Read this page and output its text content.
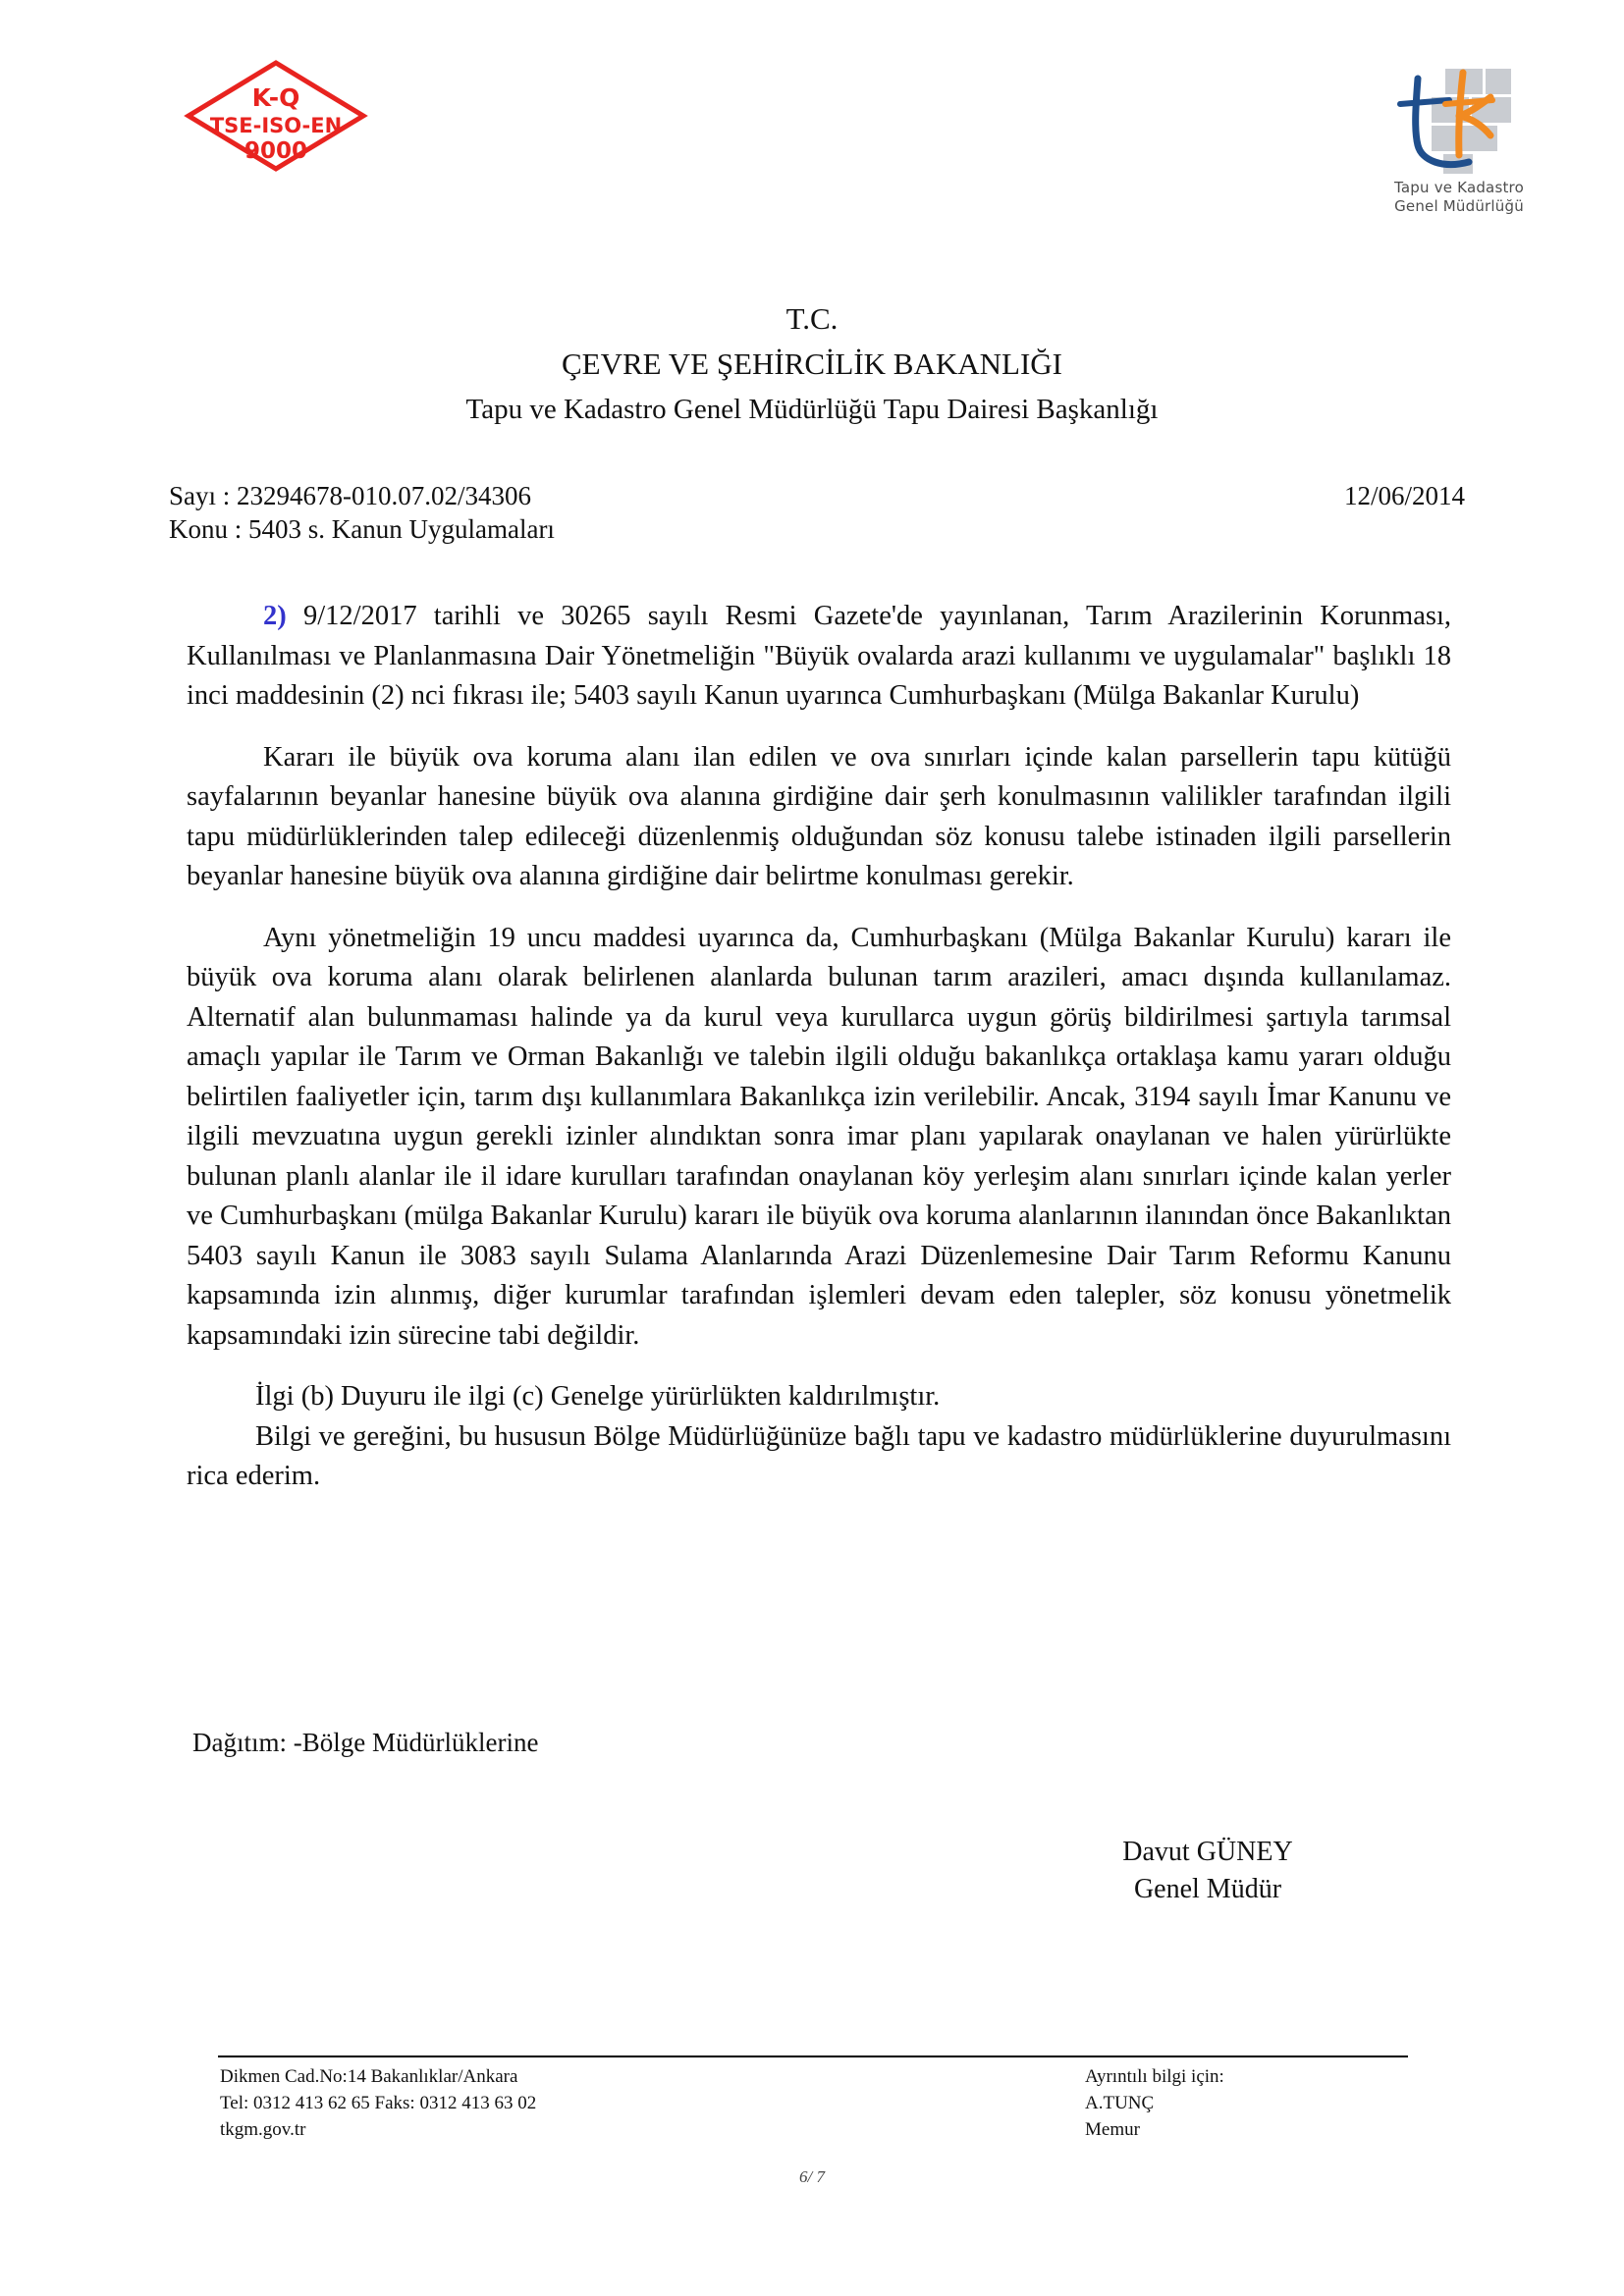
K-Q
TSE-ISO-EN
9000
Tapu ve Kadastro
Genel Müdürlüğü
T.C.
ÇEVRE VE ŞEHİRCİLİK BAKANLIĞI
Tapu ve Kadastro Genel Müdürlüğü Tapu Dairesi Başkanlığı
Sayı : 23294678-010.07.02/34306	12/06/2014
Konu : 5403 s. Kanun Uygulamaları

2) 9/12/2017 tarihli ve 30265 sayılı Resmi Gazete'de yayınlanan, Tarım Arazilerinin Korunması, Kullanılması ve Planlanmasına Dair Yönetmeliğin "Büyük ovalarda arazi kullanımı ve uygulamalar" başlıklı 18 inci maddesinin (2) nci fıkrası ile; 5403 sayılı Kanun uyarınca Cumhurbaşkanı (Mülga Bakanlar Kurulu)

Kararı ile büyük ova koruma alanı ilan edilen ve ova sınırları içinde kalan parsellerin tapu kütüğü sayfalarının beyanlar hanesine büyük ova alanına girdiğine dair şerh konulmasının valilikler tarafından ilgili tapu müdürlüklerinden talep edileceği düzenlenmiş olduğundan söz konusu talebe istinaden ilgili parsellerin beyanlar hanesine büyük ova alanına girdiğine dair belirtme konulması gerekir.

Aynı yönetmeliğin 19 uncu maddesi uyarınca da, Cumhurbaşkanı (Mülga Bakanlar Kurulu) kararı ile büyük ova koruma alanı olarak belirlenen alanlarda bulunan tarım arazileri, amacı dışında kullanılamaz. Alternatif alan bulunmaması halinde ya da kurul veya kurullarca uygun görüş bildirilmesi şartıyla tarımsal amaçlı yapılar ile Tarım ve Orman Bakanlığı ve talebin ilgili olduğu bakanlıkça ortaklaşa kamu yararı olduğu belirtilen faaliyetler için, tarım dışı kullanımlara Bakanlıkça izin verilebilir. Ancak, 3194 sayılı İmar Kanunu ve ilgili mevzuatına uygun gerekli izinler alındıktan sonra imar planı yapılarak onaylanan ve halen yürürlükte bulunan planlı alanlar ile il idare kurulları tarafından onaylanan köy yerleşim alanı sınırları içinde kalan yerler ve Cumhurbaşkanı (mülga Bakanlar Kurulu) kararı ile büyük ova koruma alanlarının ilanından önce Bakanlıktan 5403 sayılı Kanun ile 3083 sayılı Sulama Alanlarında Arazi Düzenlemesine Dair Tarım Reformu Kanunu kapsamında izin alınmış, diğer kurumlar tarafından işlemleri devam eden talepler, söz konusu yönetmelik kapsamındaki izin sürecine tabi değildir.

İlgi (b) Duyuru ile ilgi (c) Genelge yürürlükten kaldırılmıştır.

Bilgi ve gereğini, bu hususun Bölge Müdürlüğünüze bağlı tapu ve kadastro müdürlüklerine duyurulmasını rica ederim.

Dağıtım: -Bölge Müdürlüklerine
Davut GÜNEY
Genel Müdür
Dikmen Cad.No:14 Bakanlıklar/Ankara
Tel: 0312 413 62 65 Faks: 0312 413 63 02
tkgm.gov.tr
Ayrıntılı bilgi için:
A.TUNÇ
Memur
6/ 7
